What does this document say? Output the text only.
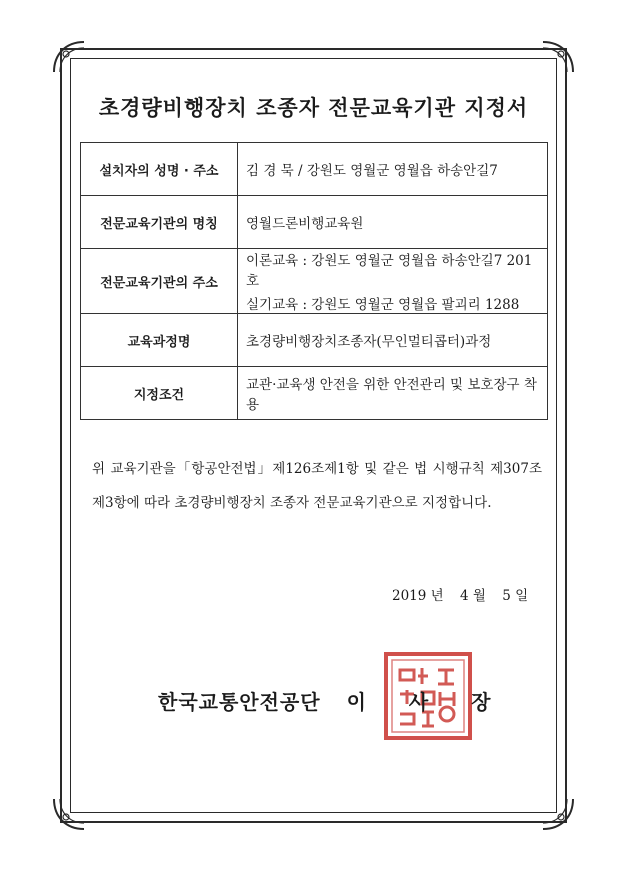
초경량비행장치 조종자 전문교육기관 지정서
설치자의 성명 · 주소	김 경 묵 / 강원도 영월군 영월읍 하송안길7
전문교육기관의 명칭	영월드론비행교육원
전문교육기관의 주소	이론교육 : 강원도 영월군 영월읍 하송안길7 201호
실기교육 : 강원도 영월군 영월읍 팔괴리 1288

교육과정명	초경량비행장치조종자(무인멀티콥터)과정
지정조건	교관·교육생 안전을 위한 안전관리 및 보호장구 착용
위 교육기관을「항공안전법」제126조제1항 및 같은 법 시행규칙 제307조 제3항에 따라 초경량비행장치 조종자 전문교육기관으로 지정합니다.
2019 년 4 월 5 일
한국교통안전공단 이 사 장
